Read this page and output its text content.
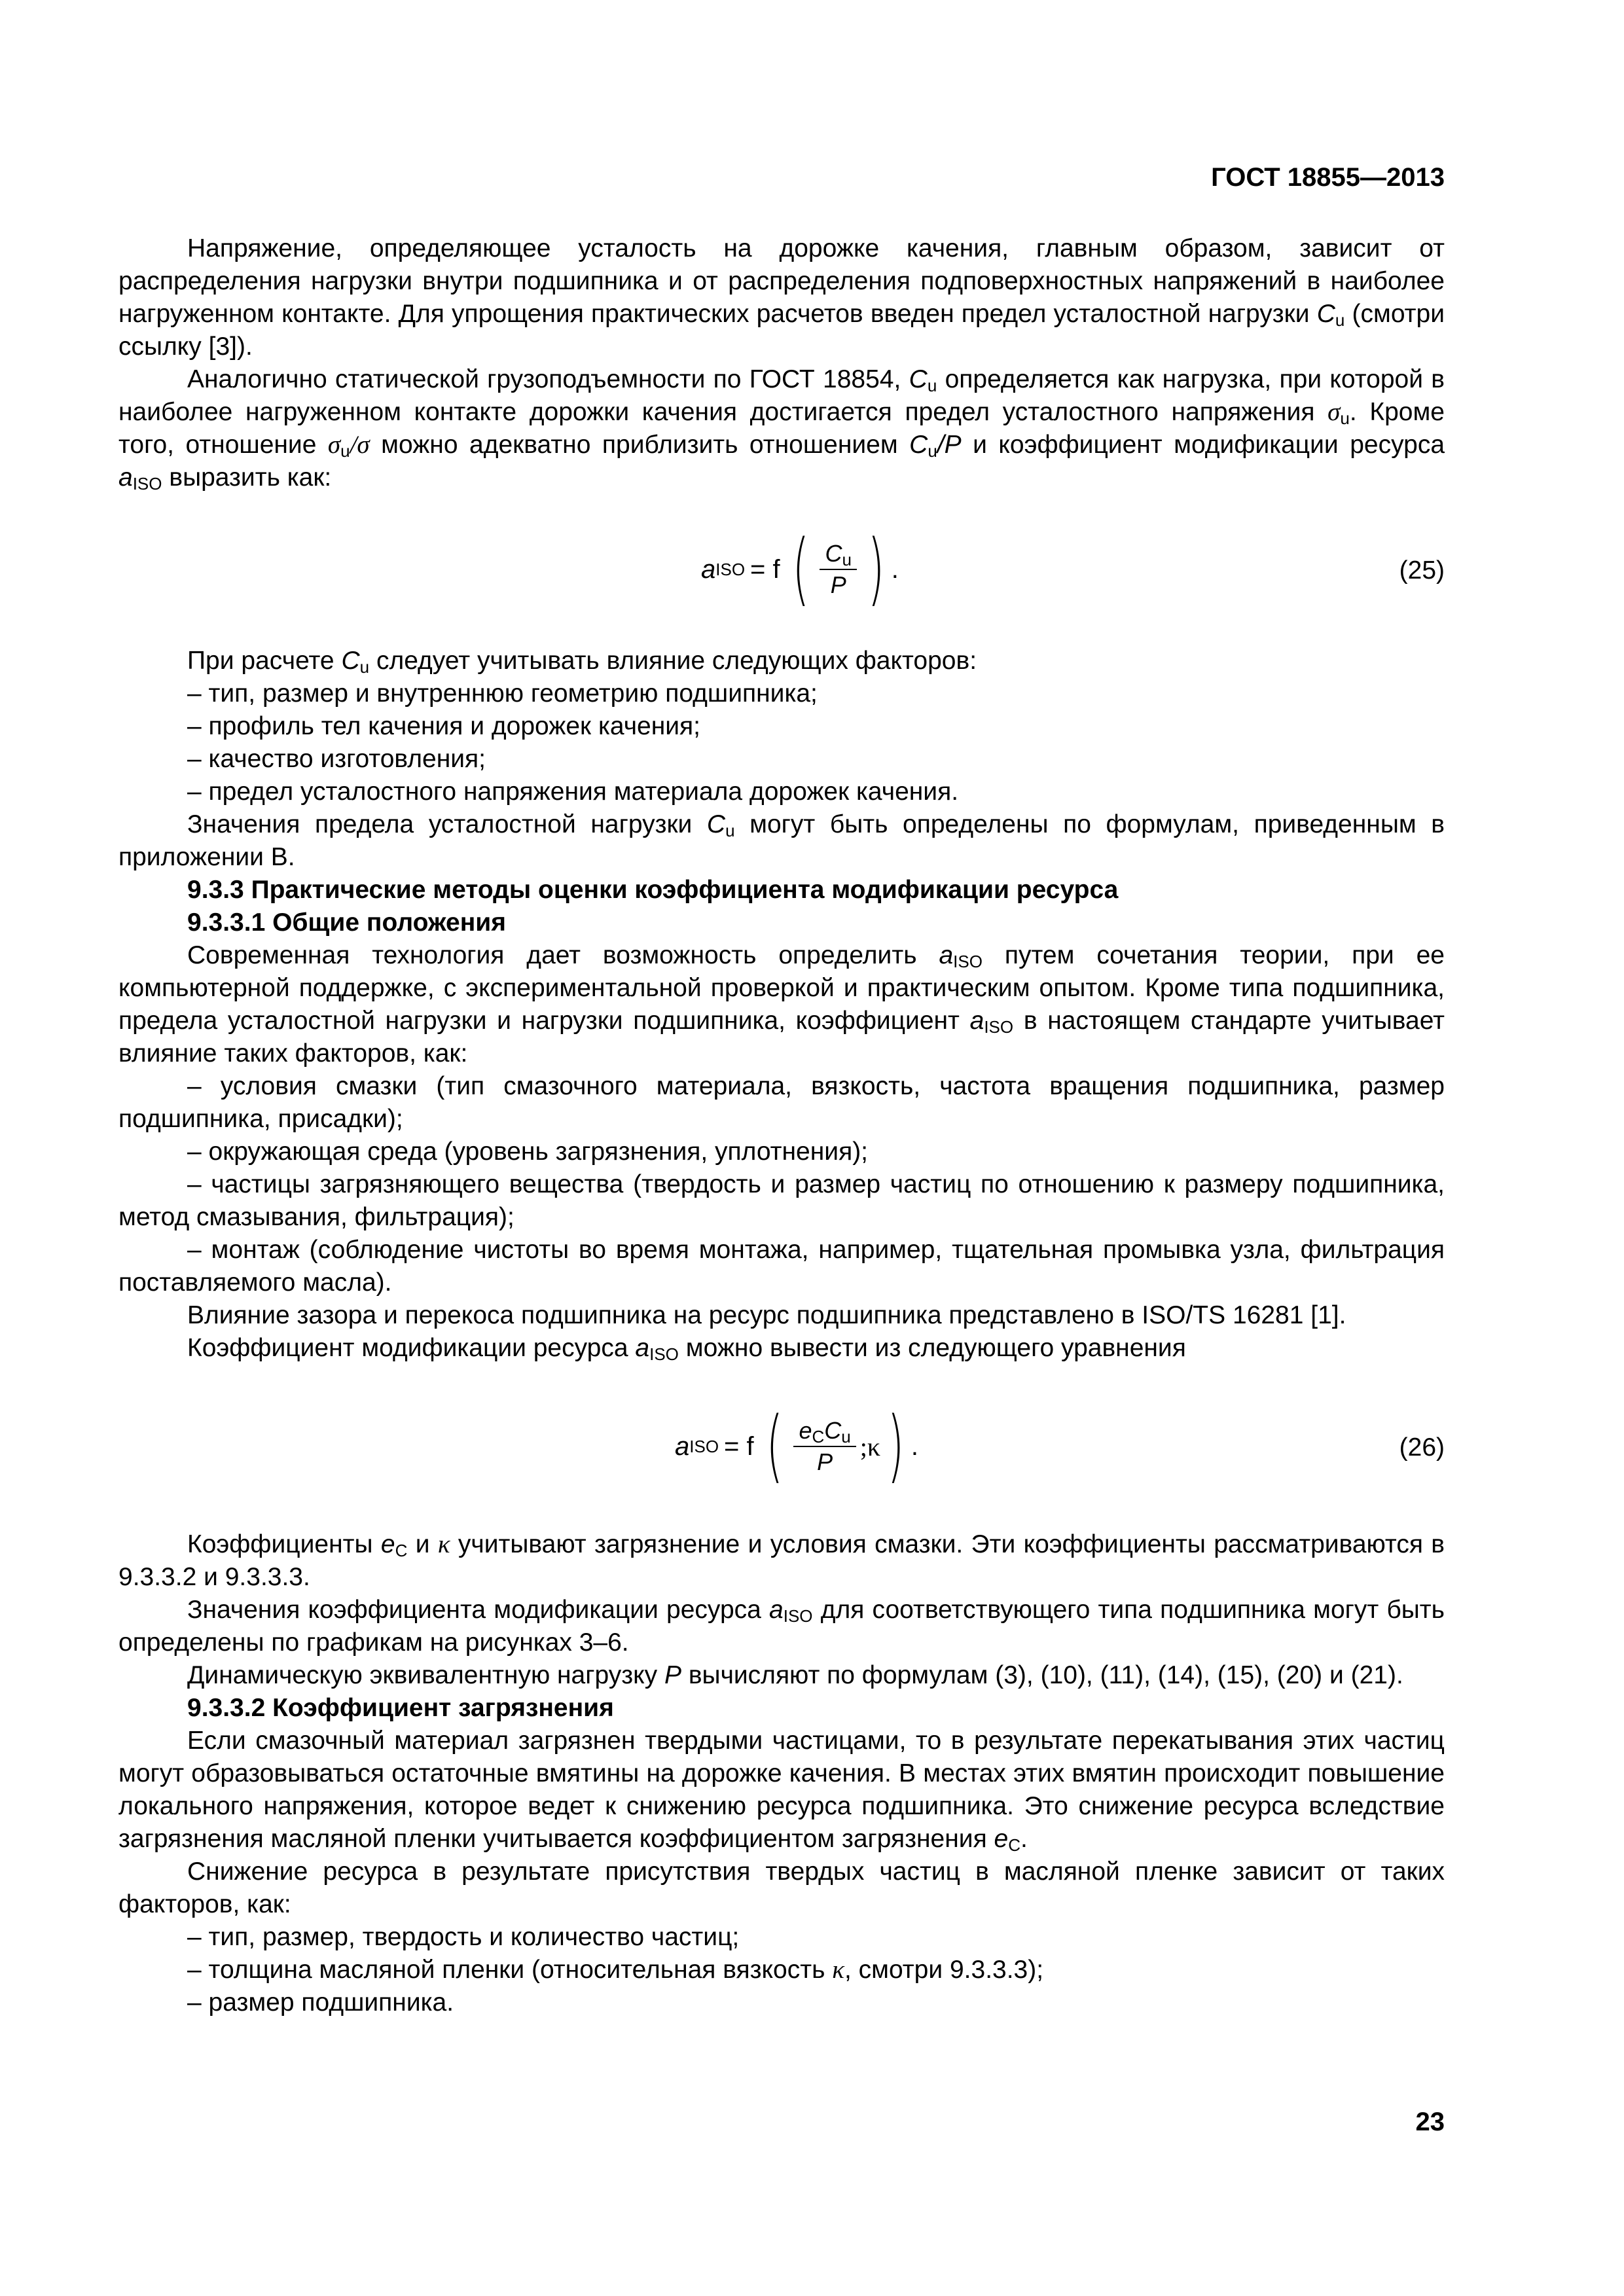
ГОСТ 18855—2013

Напряжение, определяющее усталость на дорожке качения, главным образом, зависит от распределения нагрузки внутри подшипника и от распределения подповерхностных напряжений в наиболее нагруженном контакте. Для упрощения практических расчетов введен предел усталостной нагрузки $C_u$ (смотри ссылку [3]).

Аналогично статической грузоподъемности по ГОСТ 18854, $C_u$ определяется как нагрузка, при которой в наиболее нагруженном контакте дорожки качения достигается предел усталостного напряжения $\sigma_u$. Кроме того, отношение $\sigma_u/\sigma$ можно адекватно приблизить отношением $C_u/P$ и коэффициент модификации ресурса $a_{ISO}$ выразить как:

a ISO = f ( $\frac{C_u}{P}$ ) .	(25)

При расчете $C_u$ следует учитывать влияние следующих факторов:

– тип, размер и внутреннюю геометрию подшипника;

– профиль тел качения и дорожек качения;

– качество изготовления;

– предел усталостного напряжения материала дорожек качения.

Значения предела усталостной нагрузки $C_u$ могут быть определены по формулам, приведенным в приложении В.

9.3.3 Практические методы оценки коэффициента модификации ресурса

9.3.3.1 Общие положения

Современная технология дает возможность определить $a_{ISO}$ путем сочетания теории, при ее компьютерной поддержке, с экспериментальной проверкой и практическим опытом. Кроме типа подшипника, предела усталостной нагрузки и нагрузки подшипника, коэффициент $a_{ISO}$ в настоящем стандарте учитывает влияние таких факторов, как:

– условия смазки (тип смазочного материала, вязкость, частота вращения подшипника, размер подшипника, присадки);

– окружающая среда (уровень загрязнения, уплотнения);

– частицы загрязняющего вещества (твердость и размер частиц по отношению к размеру подшипника, метод смазывания, фильтрация);

– монтаж (соблюдение чистоты во время монтажа, например, тщательная промывка узла, фильтрация поставляемого масла).

Влияние зазора и перекоса подшипника на ресурс подшипника представлено в ISO/TS 16281 [1].

Коэффициент модификации ресурса $a_{ISO}$ можно вывести из следующего уравнения

a ISO = f ( $\frac{e_CC_u}{P}$ ;κ ) .	(26)

Коэффициенты $e_C$ и κ учитывают загрязнение и условия смазки. Эти коэффициенты рассматриваются в 9.3.3.2 и 9.3.3.3.

Значения коэффициента модификации ресурса $a_{ISO}$ для соответствующего типа подшипника могут быть определены по графикам на рисунках 3–6.

Динамическую эквивалентную нагрузку P вычисляют по формулам (3), (10), (11), (14), (15), (20) и (21).

9.3.3.2 Коэффициент загрязнения

Если смазочный материал загрязнен твердыми частицами, то в результате перекатывания этих частиц могут образовываться остаточные вмятины на дорожке качения. В местах этих вмятин происходит повышение локального напряжения, которое ведет к снижению ресурса подшипника. Это снижение ресурса вследствие загрязнения масляной пленки учитывается коэффициентом загрязнения $e_C$.

Снижение ресурса в результате присутствия твердых частиц в масляной пленке зависит от таких факторов, как:

– тип, размер, твердость и количество частиц;

– толщина масляной пленки (относительная вязкость κ, смотри 9.3.3.3);

– размер подшипника.

23
